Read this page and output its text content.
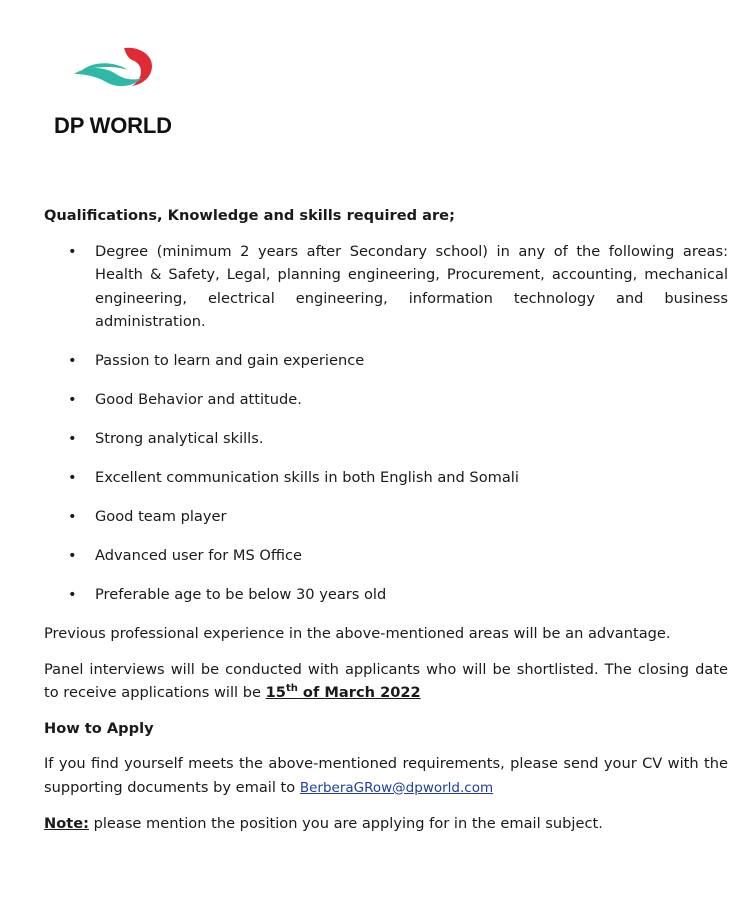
DP WORLD
Qualifications, Knowledge and skills required are;
• Degree (minimum 2 years after Secondary school) in any of the following areas: Health & Safety, Legal, planning engineering, Procurement, accounting, mechanical engineering, electrical engineering, information technology and business administration.
• Passion to learn and gain experience
• Good Behavior and attitude.
• Strong analytical skills.
• Excellent communication skills in both English and Somali
• Good team player
• Advanced user for MS Office
• Preferable age to be below 30 years old

Previous professional experience in the above-mentioned areas will be an advantage.

Panel interviews will be conducted with applicants who will be shortlisted. The closing date to receive applications will be 15th of March 2022

How to Apply

If you find yourself meets the above-mentioned requirements, please send your CV with the supporting documents by email to BerberaGRow@dpworld.com

Note: please mention the position you are applying for in the email subject.
